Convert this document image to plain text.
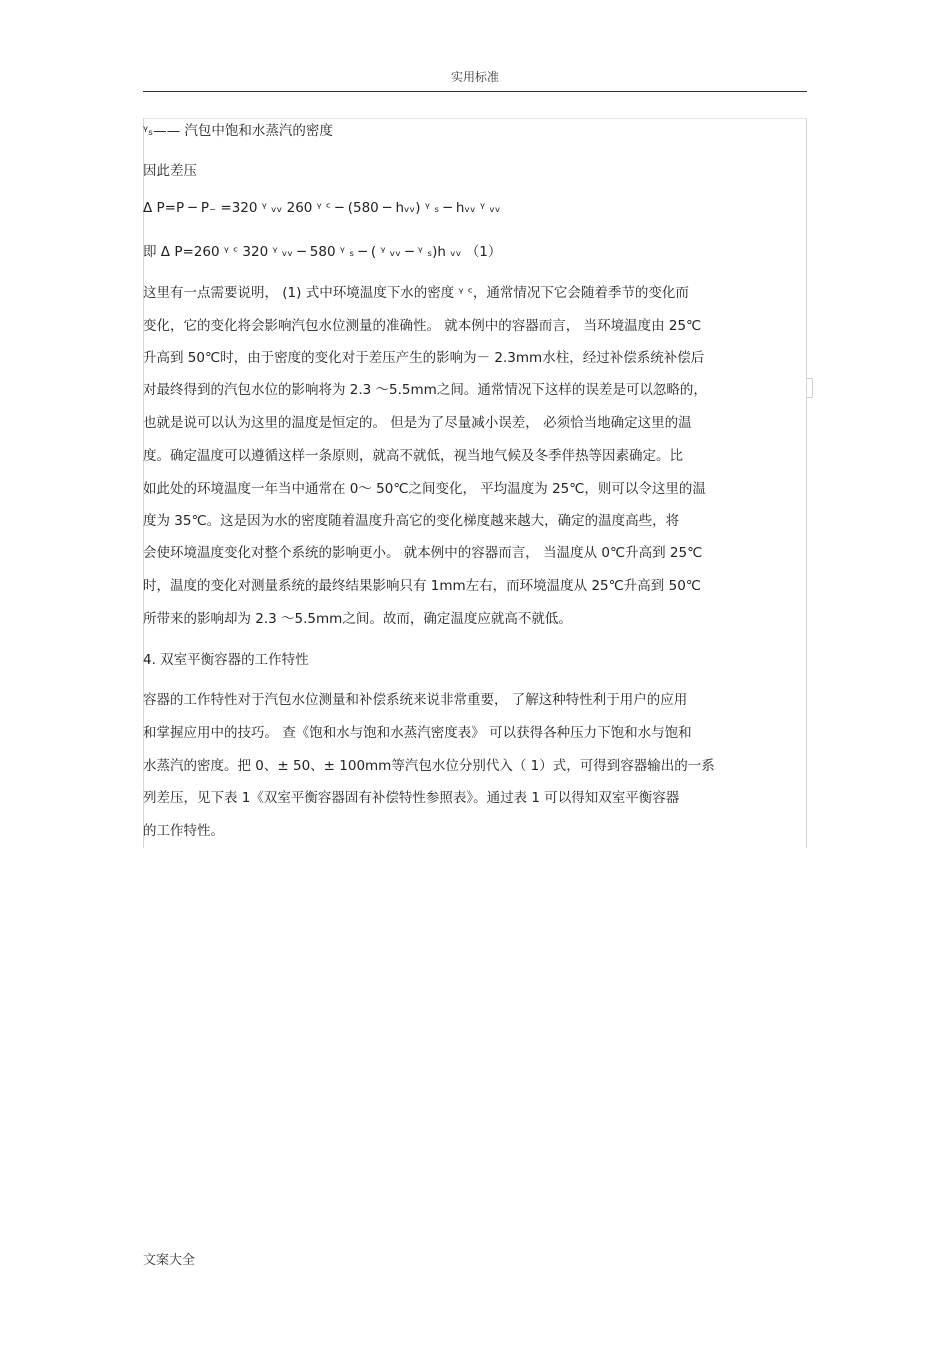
实用标准
ᵞₛ—— 汽包中饱和水蒸汽的密度
因此差压
Δ P=P ─ P₋ =320 ᵞ ᵥᵥ 260 ᵞ ᶜ ─ (580 ─ hᵥᵥ) ᵞ ₛ ─ hᵥᵥ ᵞ ᵥᵥ
即 Δ P=260 ᵞ ᶜ 320 ᵞ ᵥᵥ ─ 580 ᵞ ₛ ─ ( ᵞ ᵥᵥ ─ ᵞ ₛ)h ᵥᵥ （1）
这里有一点需要说明， (1) 式中环境温度下水的密度 ᵞ ᶜ，通常情况下它会随着季节的变化而
变化，它的变化将会影响汽包水位测量的准确性。 就本例中的容器而言， 当环境温度由 25℃
升高到 50℃时，由于密度的变化对于差压产生的影响为－ 2.3mm水柱，经过补偿系统补偿后
对最终得到的汽包水位的影响将为 2.3 ～5.5mm之间。通常情况下这样的误差是可以忽略的，
也就是说可以认为这里的温度是恒定的。 但是为了尽量减小误差， 必须恰当地确定这里的温
度。确定温度可以遵循这样一条原则，就高不就低，视当地气候及冬季伴热等因素确定。比
如此处的环境温度一年当中通常在 0～ 50℃之间变化， 平均温度为 25℃，则可以令这里的温
度为 35℃。这是因为水的密度随着温度升高它的变化梯度越来越大，确定的温度高些，将
会使环境温度变化对整个系统的影响更小。 就本例中的容器而言， 当温度从 0℃升高到 25℃
时，温度的变化对测量系统的最终结果影响只有 1mm左右，而环境温度从 25℃升高到 50℃
所带来的影响却为 2.3 ～5.5mm之间。故而，确定温度应就高不就低。
4. 双室平衡容器的工作特性
容器的工作特性对于汽包水位测量和补偿系统来说非常重要， 了解这种特性利于用户的应用
和掌握应用中的技巧。 查《饱和水与饱和水蒸汽密度表》 可以获得各种压力下饱和水与饱和
水蒸汽的密度。把 0、± 50、± 100mm等汽包水位分别代入（ 1）式，可得到容器输出的一系
列差压，见下表 1《双室平衡容器固有补偿特性参照表》。通过表 1 可以得知双室平衡容器
的工作特性。
文案大全
